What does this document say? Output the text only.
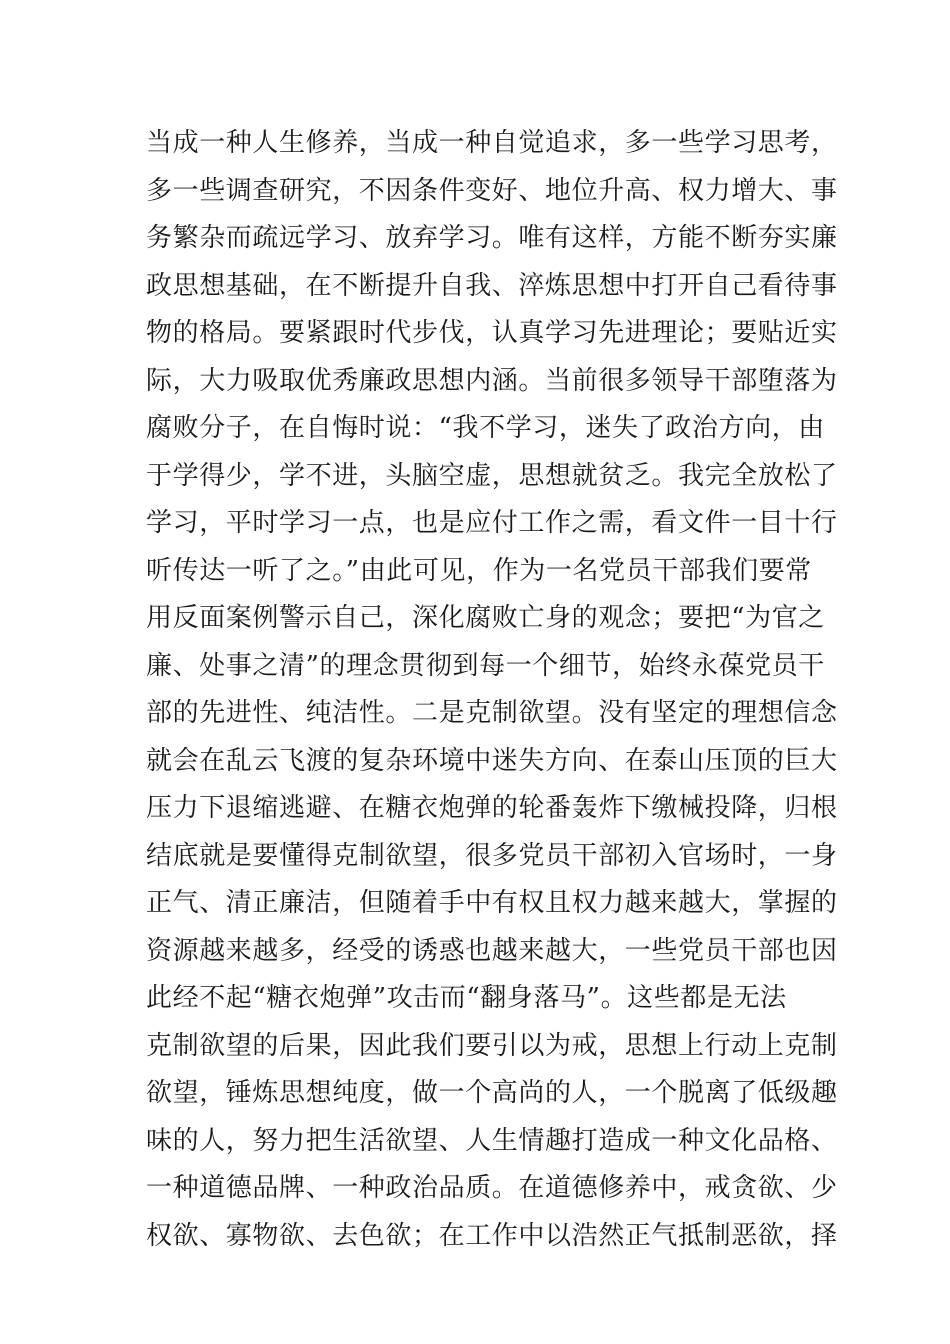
当成一种人生修养，当成一种自觉追求，多一些学习思考，
多一些调查研究，不因条件变好、地位升高、权力增大、事
务繁杂而疏远学习、放弃学习。唯有这样，方能不断夯实廉
政思想基础，在不断提升自我、淬炼思想中打开自己看待事
物的格局。要紧跟时代步伐，认真学习先进理论；要贴近实
际，大力吸取优秀廉政思想内涵。当前很多领导干部堕落为
腐败分子，在自悔时说：“我不学习，迷失了政治方向，由
于学得少，学不进，头脑空虚，思想就贫乏。我完全放松了
学习，平时学习一点，也是应付工作之需，看文件一目十行
听传达一听了之。”由此可见，作为一名党员干部我们要常
用反面案例警示自己，深化腐败亡身的观念；要把“为官之
廉、处事之清”的理念贯彻到每一个细节，始终永葆党员干
部的先进性、纯洁性。二是克制欲望。没有坚定的理想信念
就会在乱云飞渡的复杂环境中迷失方向、在泰山压顶的巨大
压力下退缩逃避、在糖衣炮弹的轮番轰炸下缴械投降，归根
结底就是要懂得克制欲望，很多党员干部初入官场时，一身
正气、清正廉洁，但随着手中有权且权力越来越大，掌握的
资源越来越多，经受的诱惑也越来越大，一些党员干部也因
此经不起“糖衣炮弹”攻击而“翻身落马”。这些都是无法
克制欲望的后果，因此我们要引以为戒，思想上行动上克制
欲望，锤炼思想纯度，做一个高尚的人，一个脱离了低级趣
味的人，努力把生活欲望、人生情趣打造成一种文化品格、
一种道德品牌、一种政治品质。在道德修养中，戒贪欲、少
权欲、寡物欲、去色欲；在工作中以浩然正气抵制恶欲，择
